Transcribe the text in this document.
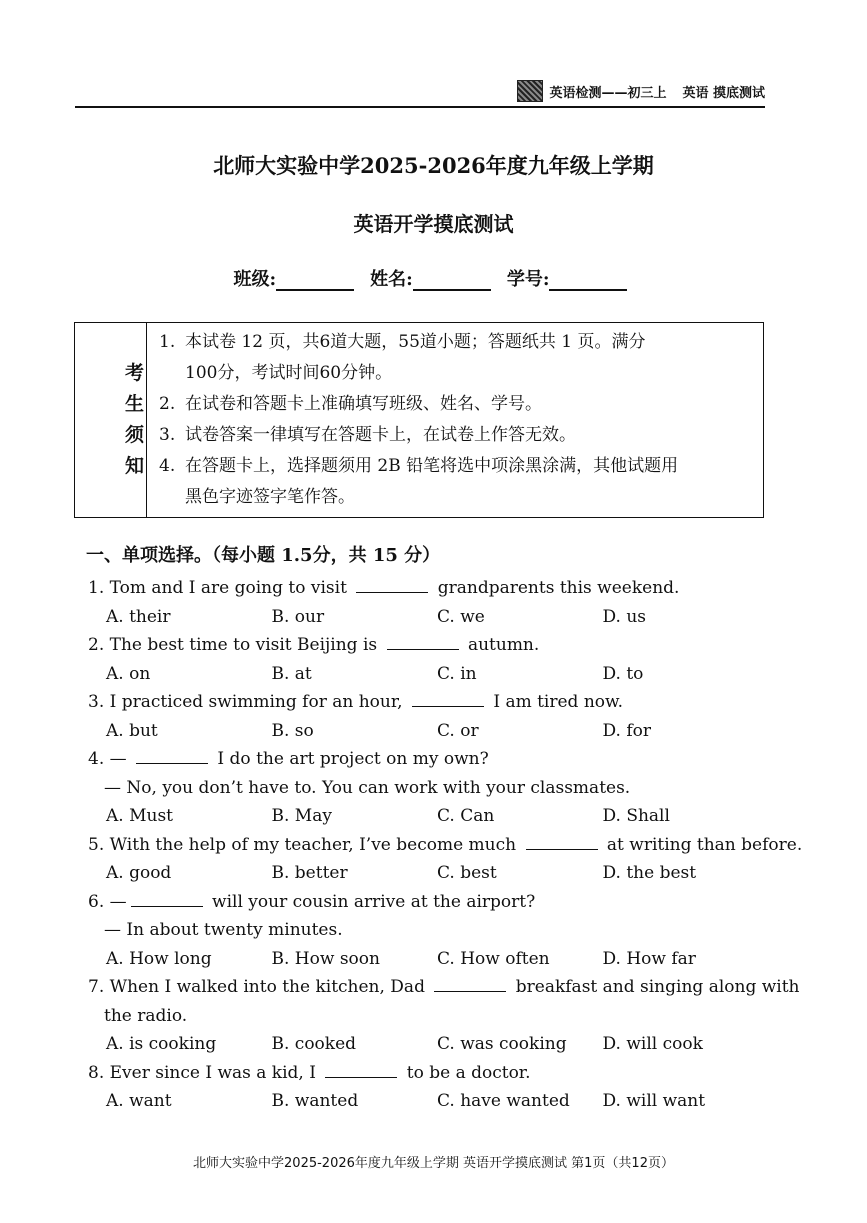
英语检测——初三上 英语 摸底测试
北师大实验中学2025-2026年度九年级上学期
英语开学摸底测试
班级:	姓名:	学号:
考
生
须
知
1. 本试卷 12 页，共6道大题，55道小题；答题纸共 1 页。满分
100分，考试时间60分钟。
2. 在试卷和答题卡上准确填写班级、姓名、学号。
3. 试卷答案一律填写在答题卡上，在试卷上作答无效。
4. 在答题卡上，选择题须用 2B 铅笔将选中项涂黑涂满，其他试题用
黑色字迹签字笔作答。
一、单项选择。（每小题 1.5分，共 15 分）
1. Tom and I are going to visit	grandparents this weekend.
A. their	B. our	C. we	D. us
2. The best time to visit Beijing is	autumn.
A. on	B. at	C. in	D. to
3. I practiced swimming for an hour,	I am tired now.
A. but	B. so	C. or	D. for
4. —	I do the art project on my own?
— No, you don’t have to. You can work with your classmates.
A. Must	B. May	C. Can	D. Shall
5. With the help of my teacher, I’ve become much	at writing than before.
A. good	B. better	C. best	D. the best
6. —	will your cousin arrive at the airport?
— In about twenty minutes.
A. How long	B. How soon	C. How often	D. How far
7. When I walked into the kitchen, Dad	breakfast and singing along with
the radio.
A. is cooking	B. cooked	C. was cooking	D. will cook
8. Ever since I was a kid, I	to be a doctor.
A. want	B. wanted	C. have wanted	D. will want
北师大实验中学2025-2026年度九年级上学期 英语开学摸底测试 第1页（共12页）
